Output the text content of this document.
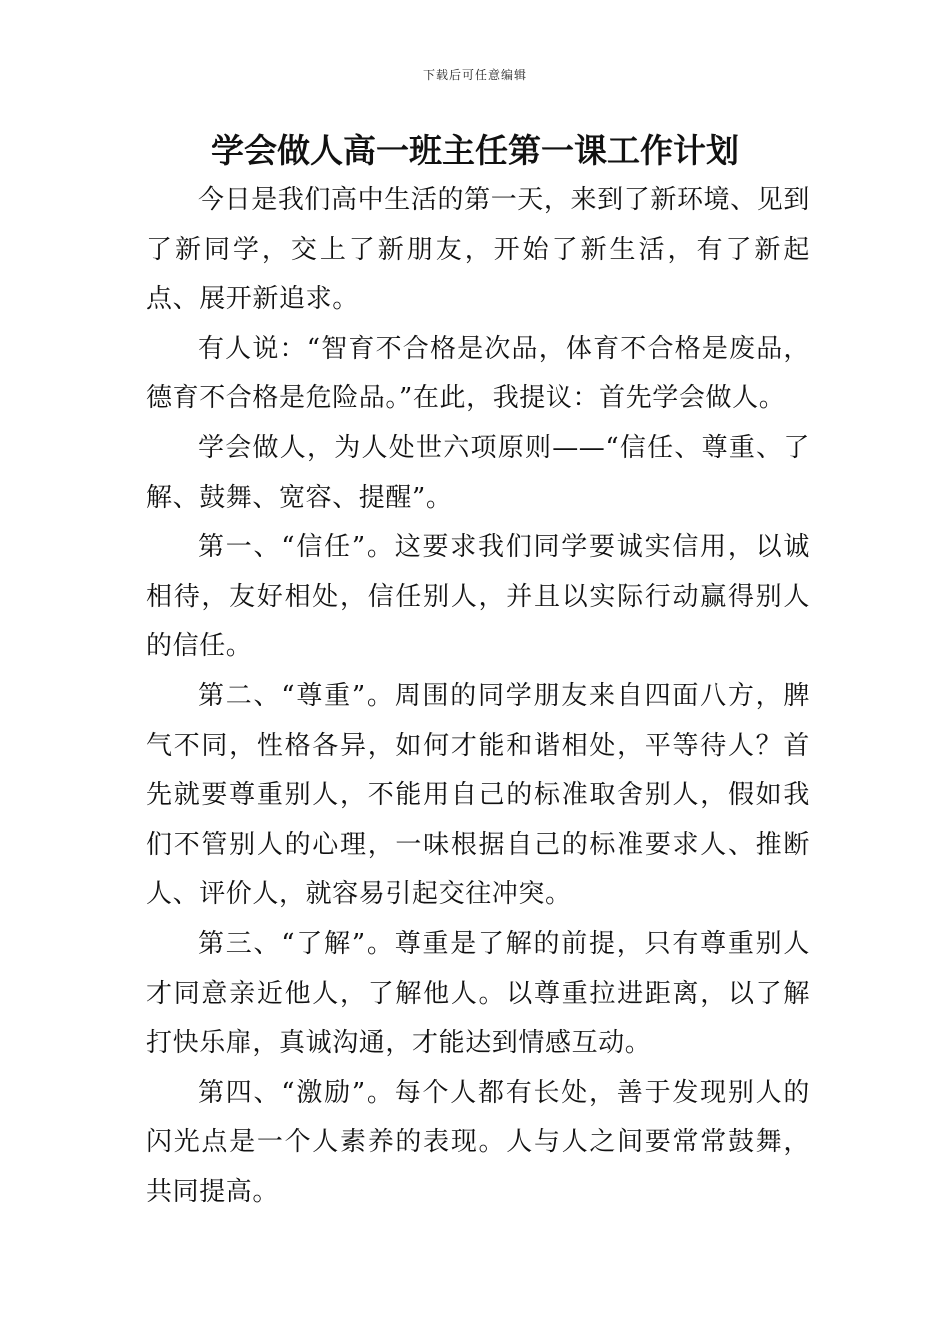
下载后可任意编辑
学会做人高一班主任第一课工作计划

今日是我们高中生活的第一天，来到了新环境、见到了新同学，交上了新朋友，开始了新生活，有了新起点、展开新追求。

有人说：“智育不合格是次品，体育不合格是废品，德育不合格是危险品。”在此，我提议：首先学会做人。

学会做人，为人处世六项原则——“信任、尊重、了解、鼓舞、宽容、提醒”。

第一、“信任”。这要求我们同学要诚实信用，以诚相待，友好相处，信任别人，并且以实际行动赢得别人的信任。

第二、“尊重”。周围的同学朋友来自四面八方，脾气不同，性格各异，如何才能和谐相处，平等待人？首先就要尊重别人，不能用自己的标准取舍别人，假如我们不管别人的心理，一味根据自己的标准要求人、推断人、评价人，就容易引起交往冲突。

第三、“了解”。尊重是了解的前提，只有尊重别人才同意亲近他人，了解他人。以尊重拉进距离，以了解打快乐扉，真诚沟通，才能达到情感互动。

第四、“激励”。每个人都有长处，善于发现别人的闪光点是一个人素养的表现。人与人之间要常常鼓舞，共同提高。
